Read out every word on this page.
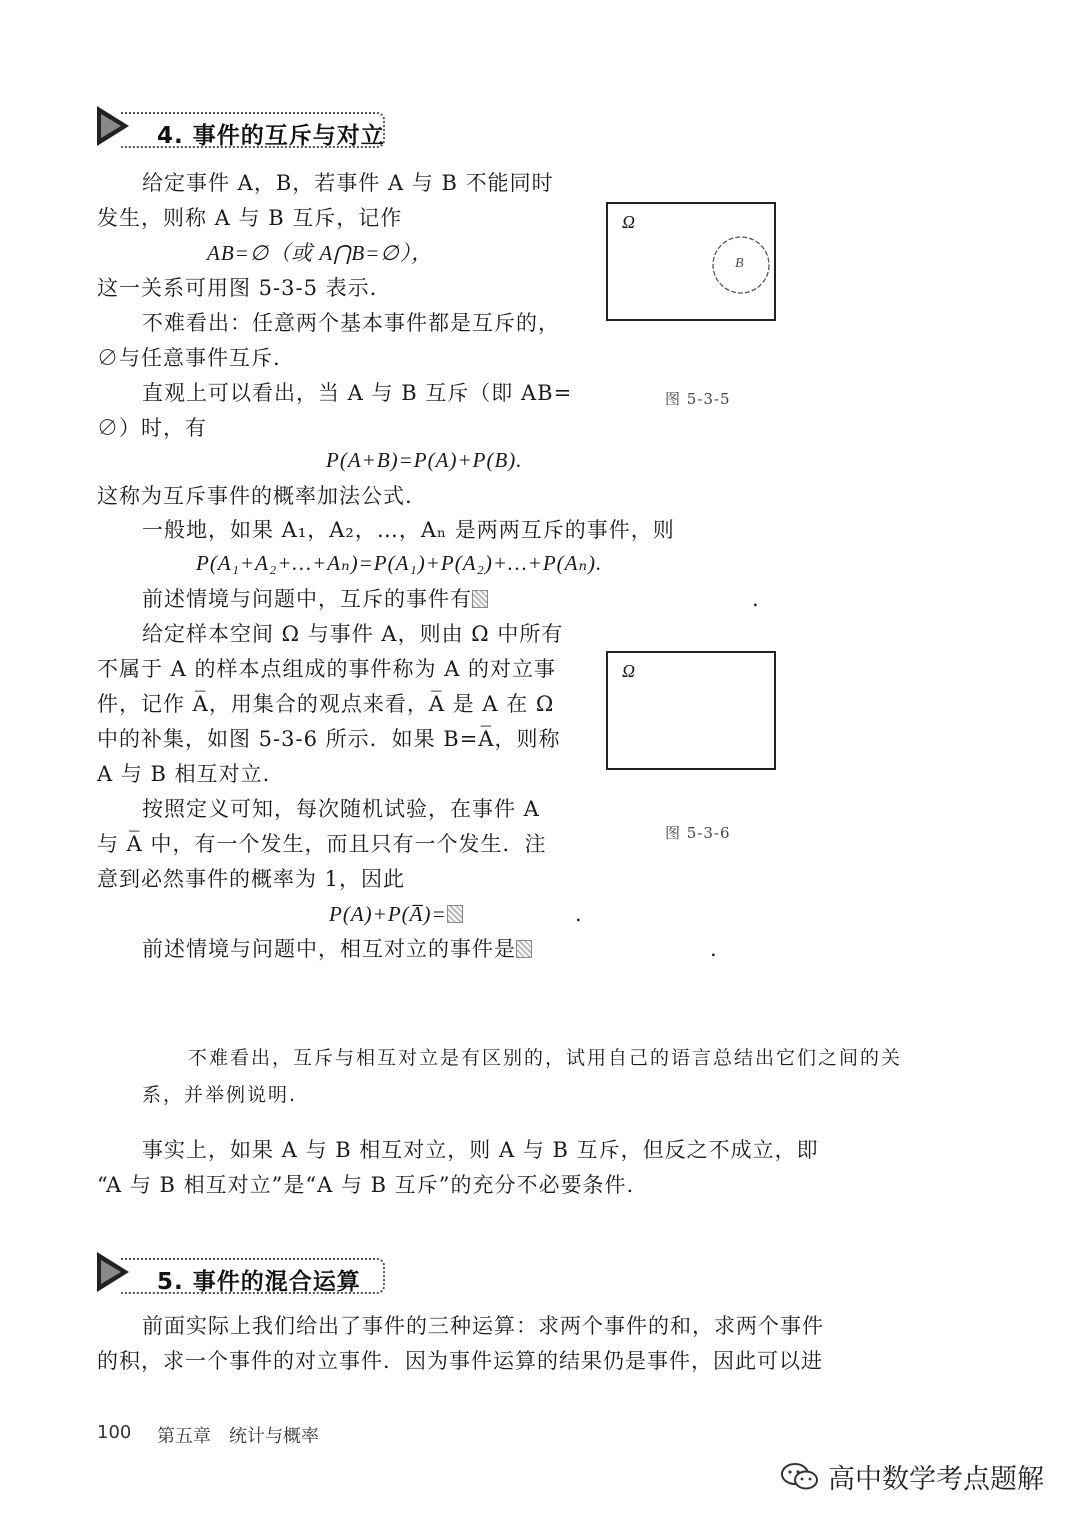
4. 事件的互斥与对立
给定事件 A，B，若事件 A 与 B 不能同时
发生，则称 A 与 B 互斥，记作
AB=∅（或 A⋂B=∅），
这一关系可用图 5-3-5 表示.
不难看出：任意两个基本事件都是互斥的，
∅与任意事件互斥.
直观上可以看出，当 A 与 B 互斥（即 AB=
∅）时，有
P(A+B)=P(A)+P(B).
这称为互斥事件的概率加法公式.
一般地，如果 A₁，A₂，…，Aₙ 是两两互斥的事件，则
P(A₁+A₂+…+Aₙ)=P(A₁)+P(A₂)+…+P(Aₙ).
前述情境与问题中，互斥的事件有	.
给定样本空间 Ω 与事件 A，则由 Ω 中所有
不属于 A 的样本点组成的事件称为 A 的对立事
件，记作 A̅，用集合的观点来看，A̅ 是 A 在 Ω
中的补集，如图 5-3-6 所示．如果 B=A̅，则称
A 与 B 相互对立.
按照定义可知，每次随机试验，在事件 A
与 A̅ 中，有一个发生，而且只有一个发生．注
意到必然事件的概率为 1，因此
P(A)+P(A̅)=	.
前述情境与问题中，相互对立的事件是	.
Ω
B
图 5-3-5
Ω
图 5-3-6
不难看出，互斥与相互对立是有区别的，试用自己的语言总结出它们之间的关
系，并举例说明.
事实上，如果 A 与 B 相互对立，则 A 与 B 互斥，但反之不成立，即
“A 与 B 相互对立”是“A 与 B 互斥”的充分不必要条件.
5. 事件的混合运算
前面实际上我们给出了事件的三种运算：求两个事件的和，求两个事件
的积，求一个事件的对立事件．因为事件运算的结果仍是事件，因此可以进
100 第五章　统计与概率
高中数学考点题解
